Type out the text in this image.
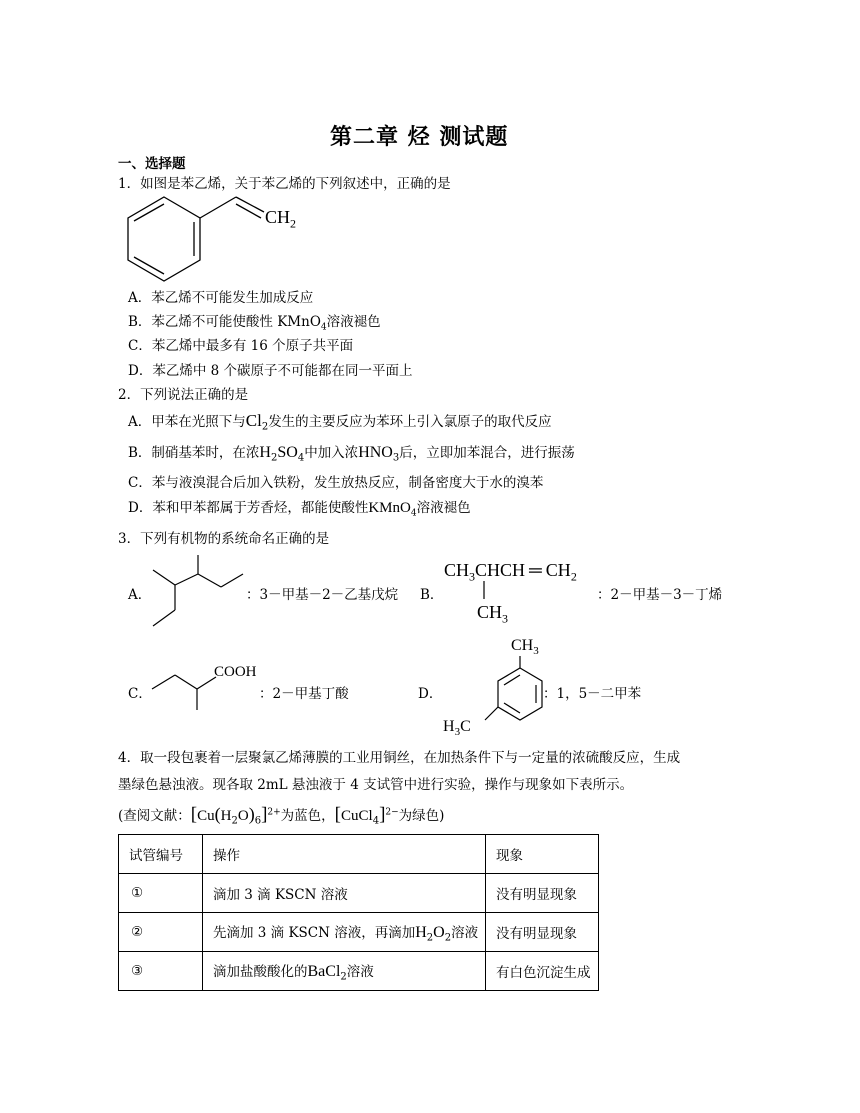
第二章 烃 测试题
一、选择题
1．如图是苯乙烯，关于苯乙烯的下列叙述中，正确的是
$CH_2$
A．苯乙烯不可能发生加成反应
B．苯乙烯不可能使酸性 KMnO$_4$溶液褪色
C．苯乙烯中最多有 16 个原子共平面
D．苯乙烯中 8 个碳原子不可能都在同一平面上
2．下列说法正确的是
A．甲苯在光照下与$Cl_2$发生的主要反应为苯环上引入氯原子的取代反应
B．制硝基苯时，在浓$H_2SO_4$中加入浓$HNO_3$后，立即加苯混合，进行振荡
C．苯与液溴混合后加入铁粉，发生放热反应，制备密度大于水的溴苯
D．苯和甲苯都属于芳香烃，都能使酸性KMnO$_4$溶液褪色
3．下列有机物的系统命名正确的是
A．	：3－甲基－2－乙基戊烷 B．
$CH_3CHCH$ ═ $CH_2$
$CH_3$
：2－甲基－3－丁烯
C．
COOH
：2－甲基丁酸	D．
$CH_3$
$H_3C$
：1，5－二甲苯
4．取一段包裹着一层聚氯乙烯薄膜的工业用铜丝，在加热条件下与一定量的浓硫酸反应，生成
墨绿色悬浊液。现各取 2mL 悬浊液于 4 支试管中进行实验，操作与现象如下表所示。
(查阅文献：$[Cu(H_2O)_6]^{2+}$为蓝色，[CuCl$_4$]$^{2-}$为绿色)
试管编号	操作	现象
①	滴加 3 滴 KSCN 溶液	没有明显现象
②	先滴加 3 滴 KSCN 溶液，再滴加$H_2O_2$溶液	没有明显现象
③	滴加盐酸酸化的BaCl$_2$溶液	有白色沉淀生成
